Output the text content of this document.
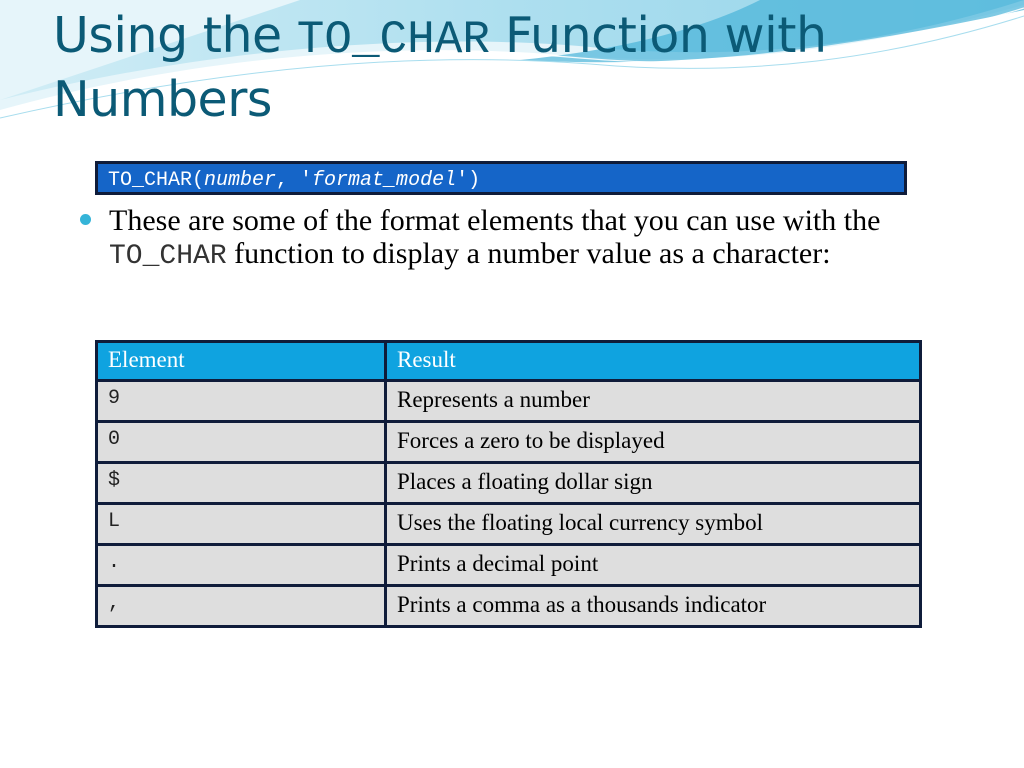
Using the TO_CHAR Function with
Numbers
TO_CHAR(number, 'format_model')
These are some of the format elements that you can use with the TO_CHAR function to display a number value as a character:
Element	Result
9	Represents a number
0	Forces a zero to be displayed
$	Places a floating dollar sign
L	Uses the floating local currency symbol
.	Prints a decimal point
,	Prints a comma as a thousands indicator
